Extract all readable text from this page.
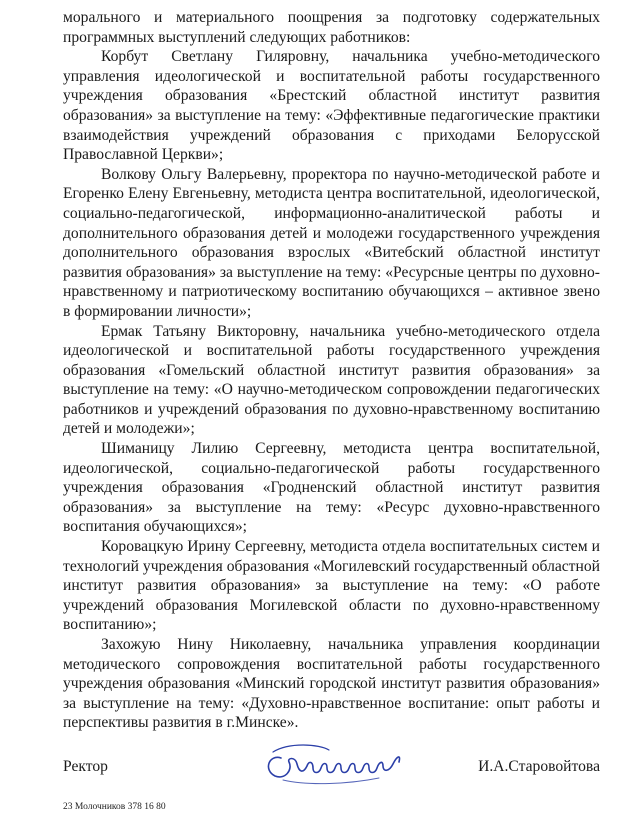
морального и материального поощрения за подготовку содержательных программных выступлений следующих работников:

Корбут Светлану Гиляровну, начальника учебно-методического управления идеологической и воспитательной работы государственного учреждения образования «Брестский областной институт развития образования» за выступление на тему: «Эффективные педагогические практики взаимодействия учреждений образования с приходами Белорусской Православной Церкви»;

Волкову Ольгу Валерьевну, проректора по научно-методической работе и Егоренко Елену Евгеньевну, методиста центра воспитательной, идеологической, социально-педагогической, информационно-аналитической работы и дополнительного образования детей и молодежи государственного учреждения дополнительного образования взрослых «Витебский областной институт развития образования» за выступление на тему: «Ресурсные центры по духовно-нравственному и патриотическому воспитанию обучающихся – активное звено в формировании личности»;

Ермак Татьяну Викторовну, начальника учебно-методического отдела идеологической и воспитательной работы государственного учреждения образования «Гомельский областной институт развития образования» за выступление на тему: «О научно-методическом сопровождении педагогических работников и учреждений образования по духовно-нравственному воспитанию детей и молодежи»;

Шиманицу Лилию Сергеевну, методиста центра воспитательной, идеологической, социально-педагогической работы государственного учреждения образования «Гродненский областной институт развития образования» за выступление на тему: «Ресурс духовно-нравственного воспитания обучающихся»;

Коровацкую Ирину Сергеевну, методиста отдела воспитательных систем и технологий учреждения образования «Могилевский государственный областной институт развития образования» за выступление на тему: «О работе учреждений образования Могилевской области по духовно-нравственному воспитанию»;

Захожую Нину Николаевну, начальника управления координации методического сопровождения воспитательной работы государственного учреждения образования «Минский городской институт развития образования» за выступление на тему: «Духовно-нравственное воспитание: опыт работы и перспективы развития в г.Минске».

Ректор	И.А.Старовойтова
23 Молочников 378 16 80
